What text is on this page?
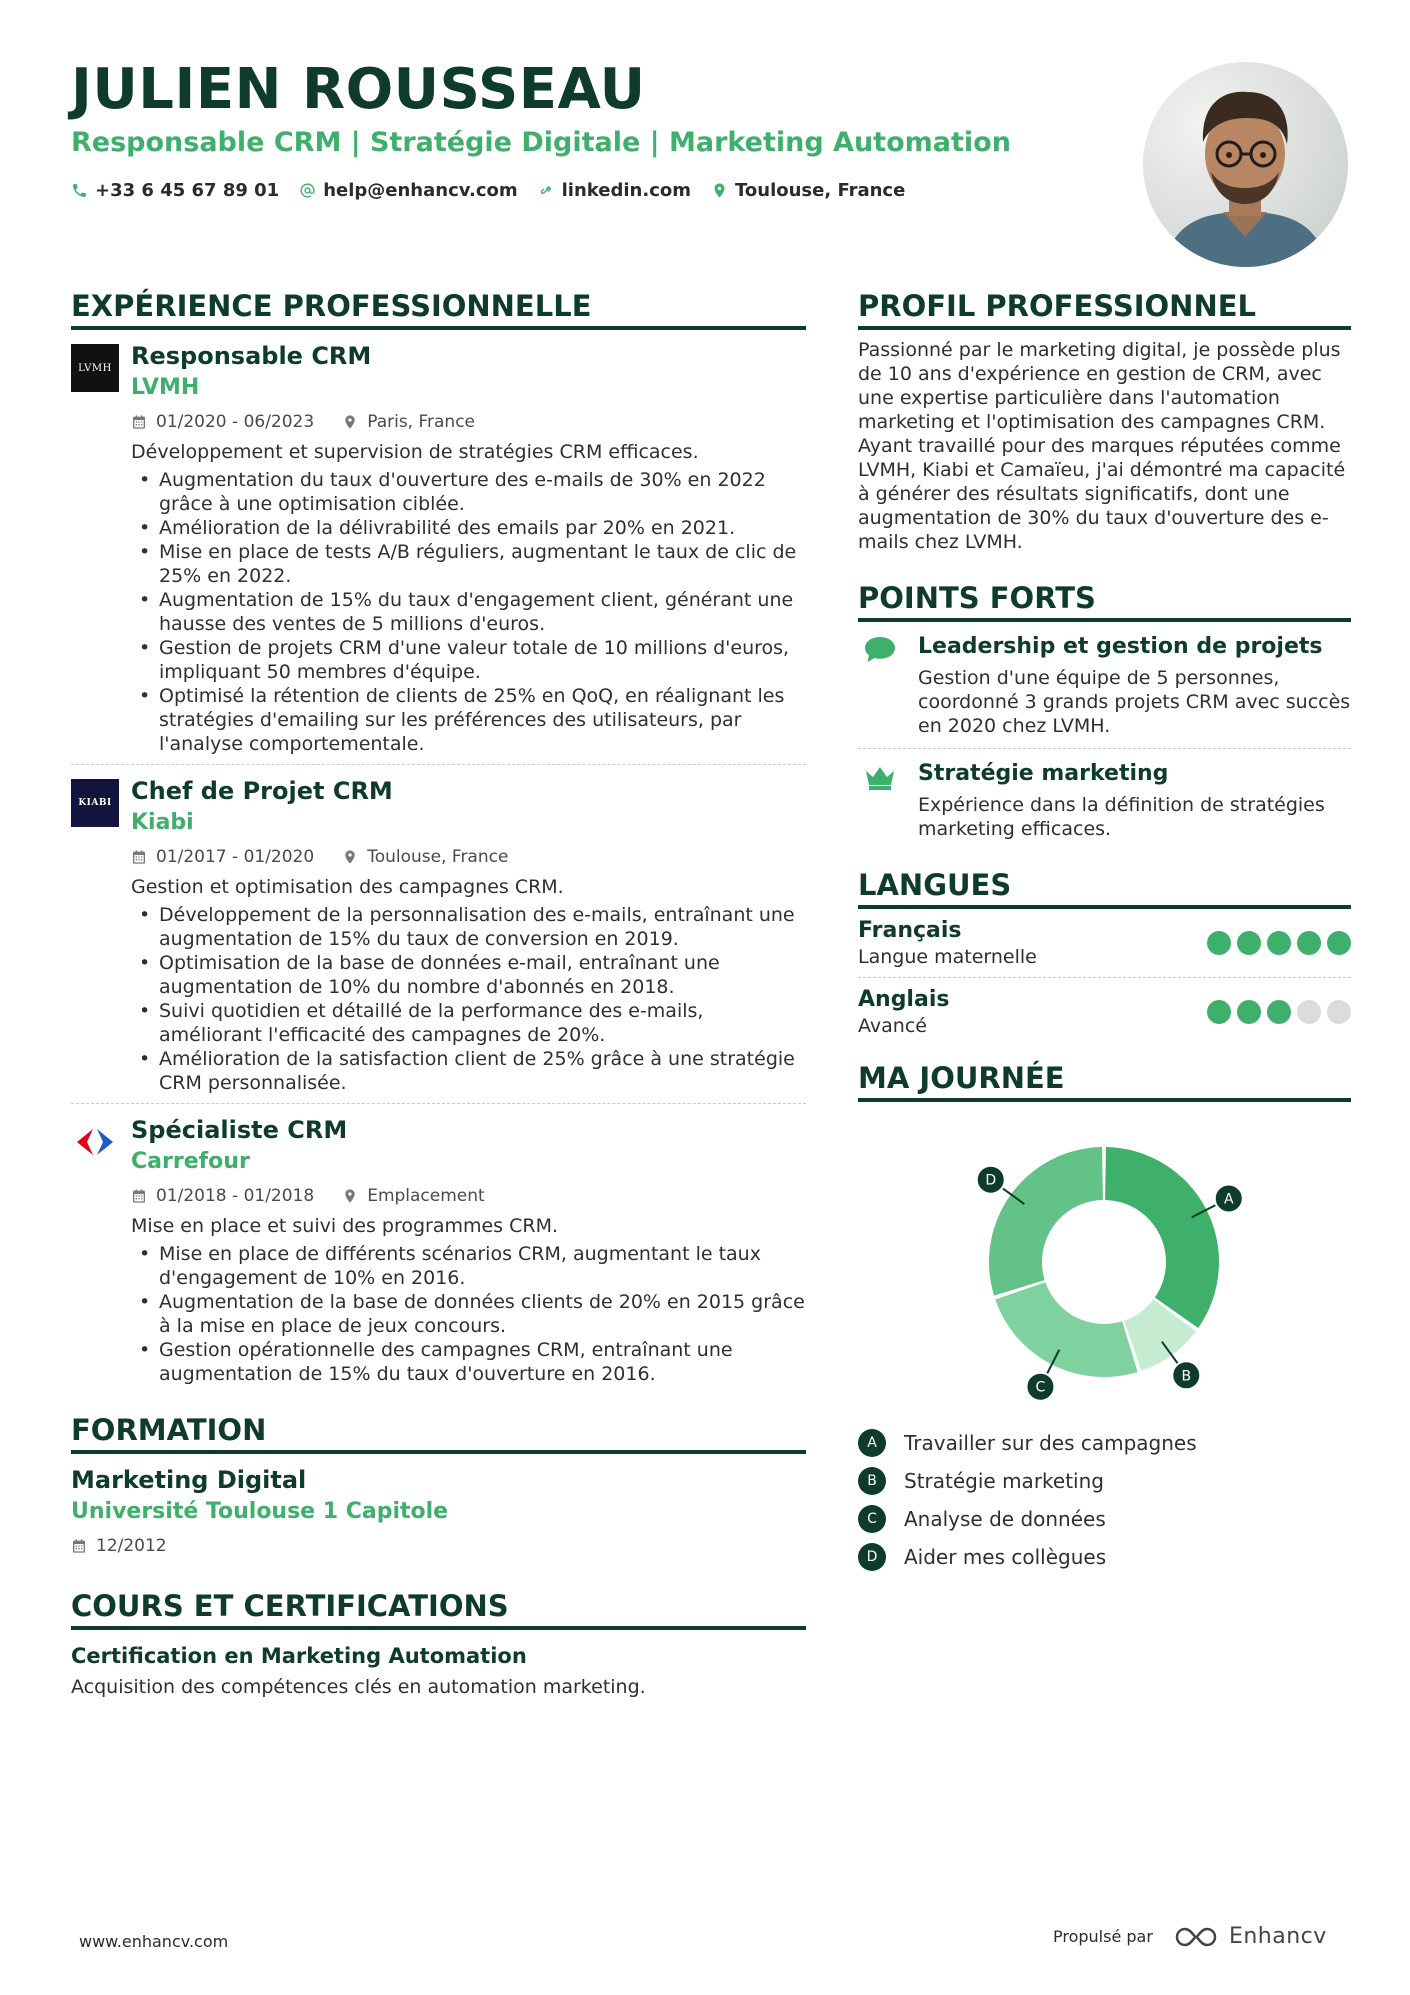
JULIEN ROUSSEAU
Responsable CRM | Stratégie Digitale | Marketing Automation
+33 6 45 67 89 01 help@enhancv.com linkedin.com Toulouse, France
EXPÉRIENCE PROFESSIONNELLE
LVMH Responsable CRM
LVMH
01/2020 - 06/2023	Paris, France
Développement et supervision de stratégies CRM efficaces.
• Augmentation du taux d'ouverture des e-mails de 30% en 2022 grâce à une optimisation ciblée.
• Amélioration de la délivrabilité des emails par 20% en 2021.
• Mise en place de tests A/B réguliers, augmentant le taux de clic de 25% en 2022.
• Augmentation de 15% du taux d'engagement client, générant une hausse des ventes de 5 millions d'euros.
• Gestion de projets CRM d'une valeur totale de 10 millions d'euros, impliquant 50 membres d'équipe.
• Optimisé la rétention de clients de 25% en QoQ, en réalignant les stratégies d'emailing sur les préférences des utilisateurs, par l'analyse comportementale.
KIABI Chef de Projet CRM
Kiabi
01/2017 - 01/2020	Toulouse, France
Gestion et optimisation des campagnes CRM.
• Développement de la personnalisation des e-mails, entraînant une augmentation de 15% du taux de conversion en 2019.
• Optimisation de la base de données e-mail, entraînant une augmentation de 10% du nombre d'abonnés en 2018.
• Suivi quotidien et détaillé de la performance des e-mails, améliorant l'efficacité des campagnes de 20%.
• Amélioration de la satisfaction client de 25% grâce à une stratégie CRM personnalisée.
Spécialiste CRM
Carrefour
01/2018 - 01/2018	Emplacement
Mise en place et suivi des programmes CRM.
• Mise en place de différents scénarios CRM, augmentant le taux d'engagement de 10% en 2016.
• Augmentation de la base de données clients de 20% en 2015 grâce à la mise en place de jeux concours.
• Gestion opérationnelle des campagnes CRM, entraînant une augmentation de 15% du taux d'ouverture en 2016.
FORMATION
Marketing Digital
Université Toulouse 1 Capitole
12/2012
COURS ET CERTIFICATIONS
Certification en Marketing Automation
Acquisition des compétences clés en automation marketing.
PROFIL PROFESSIONNEL
Passionné par le marketing digital, je possède plus de 10 ans d'expérience en gestion de CRM, avec une expertise particulière dans l'automation marketing et l'optimisation des campagnes CRM. Ayant travaillé pour des marques réputées comme LVMH, Kiabi et Camaïeu, j'ai démontré ma capacité à générer des résultats significatifs, dont une augmentation de 30% du taux d'ouverture des e-mails chez LVMH.
POINTS FORTS
Leadership et gestion de projets
Gestion d'une équipe de 5 personnes, coordonné 3 grands projets CRM avec succès en 2020 chez LVMH.
Stratégie marketing
Expérience dans la définition de stratégies marketing efficaces.
LANGUES
Français
Langue maternelle
Anglais
Avancé
MA JOURNÉE
A
B
C
D
A	Travailler sur des campagnes
B	Stratégie marketing
C	Analyse de données
D	Aider mes collègues
www.enhancv.com	Propulsé par	Enhancv
